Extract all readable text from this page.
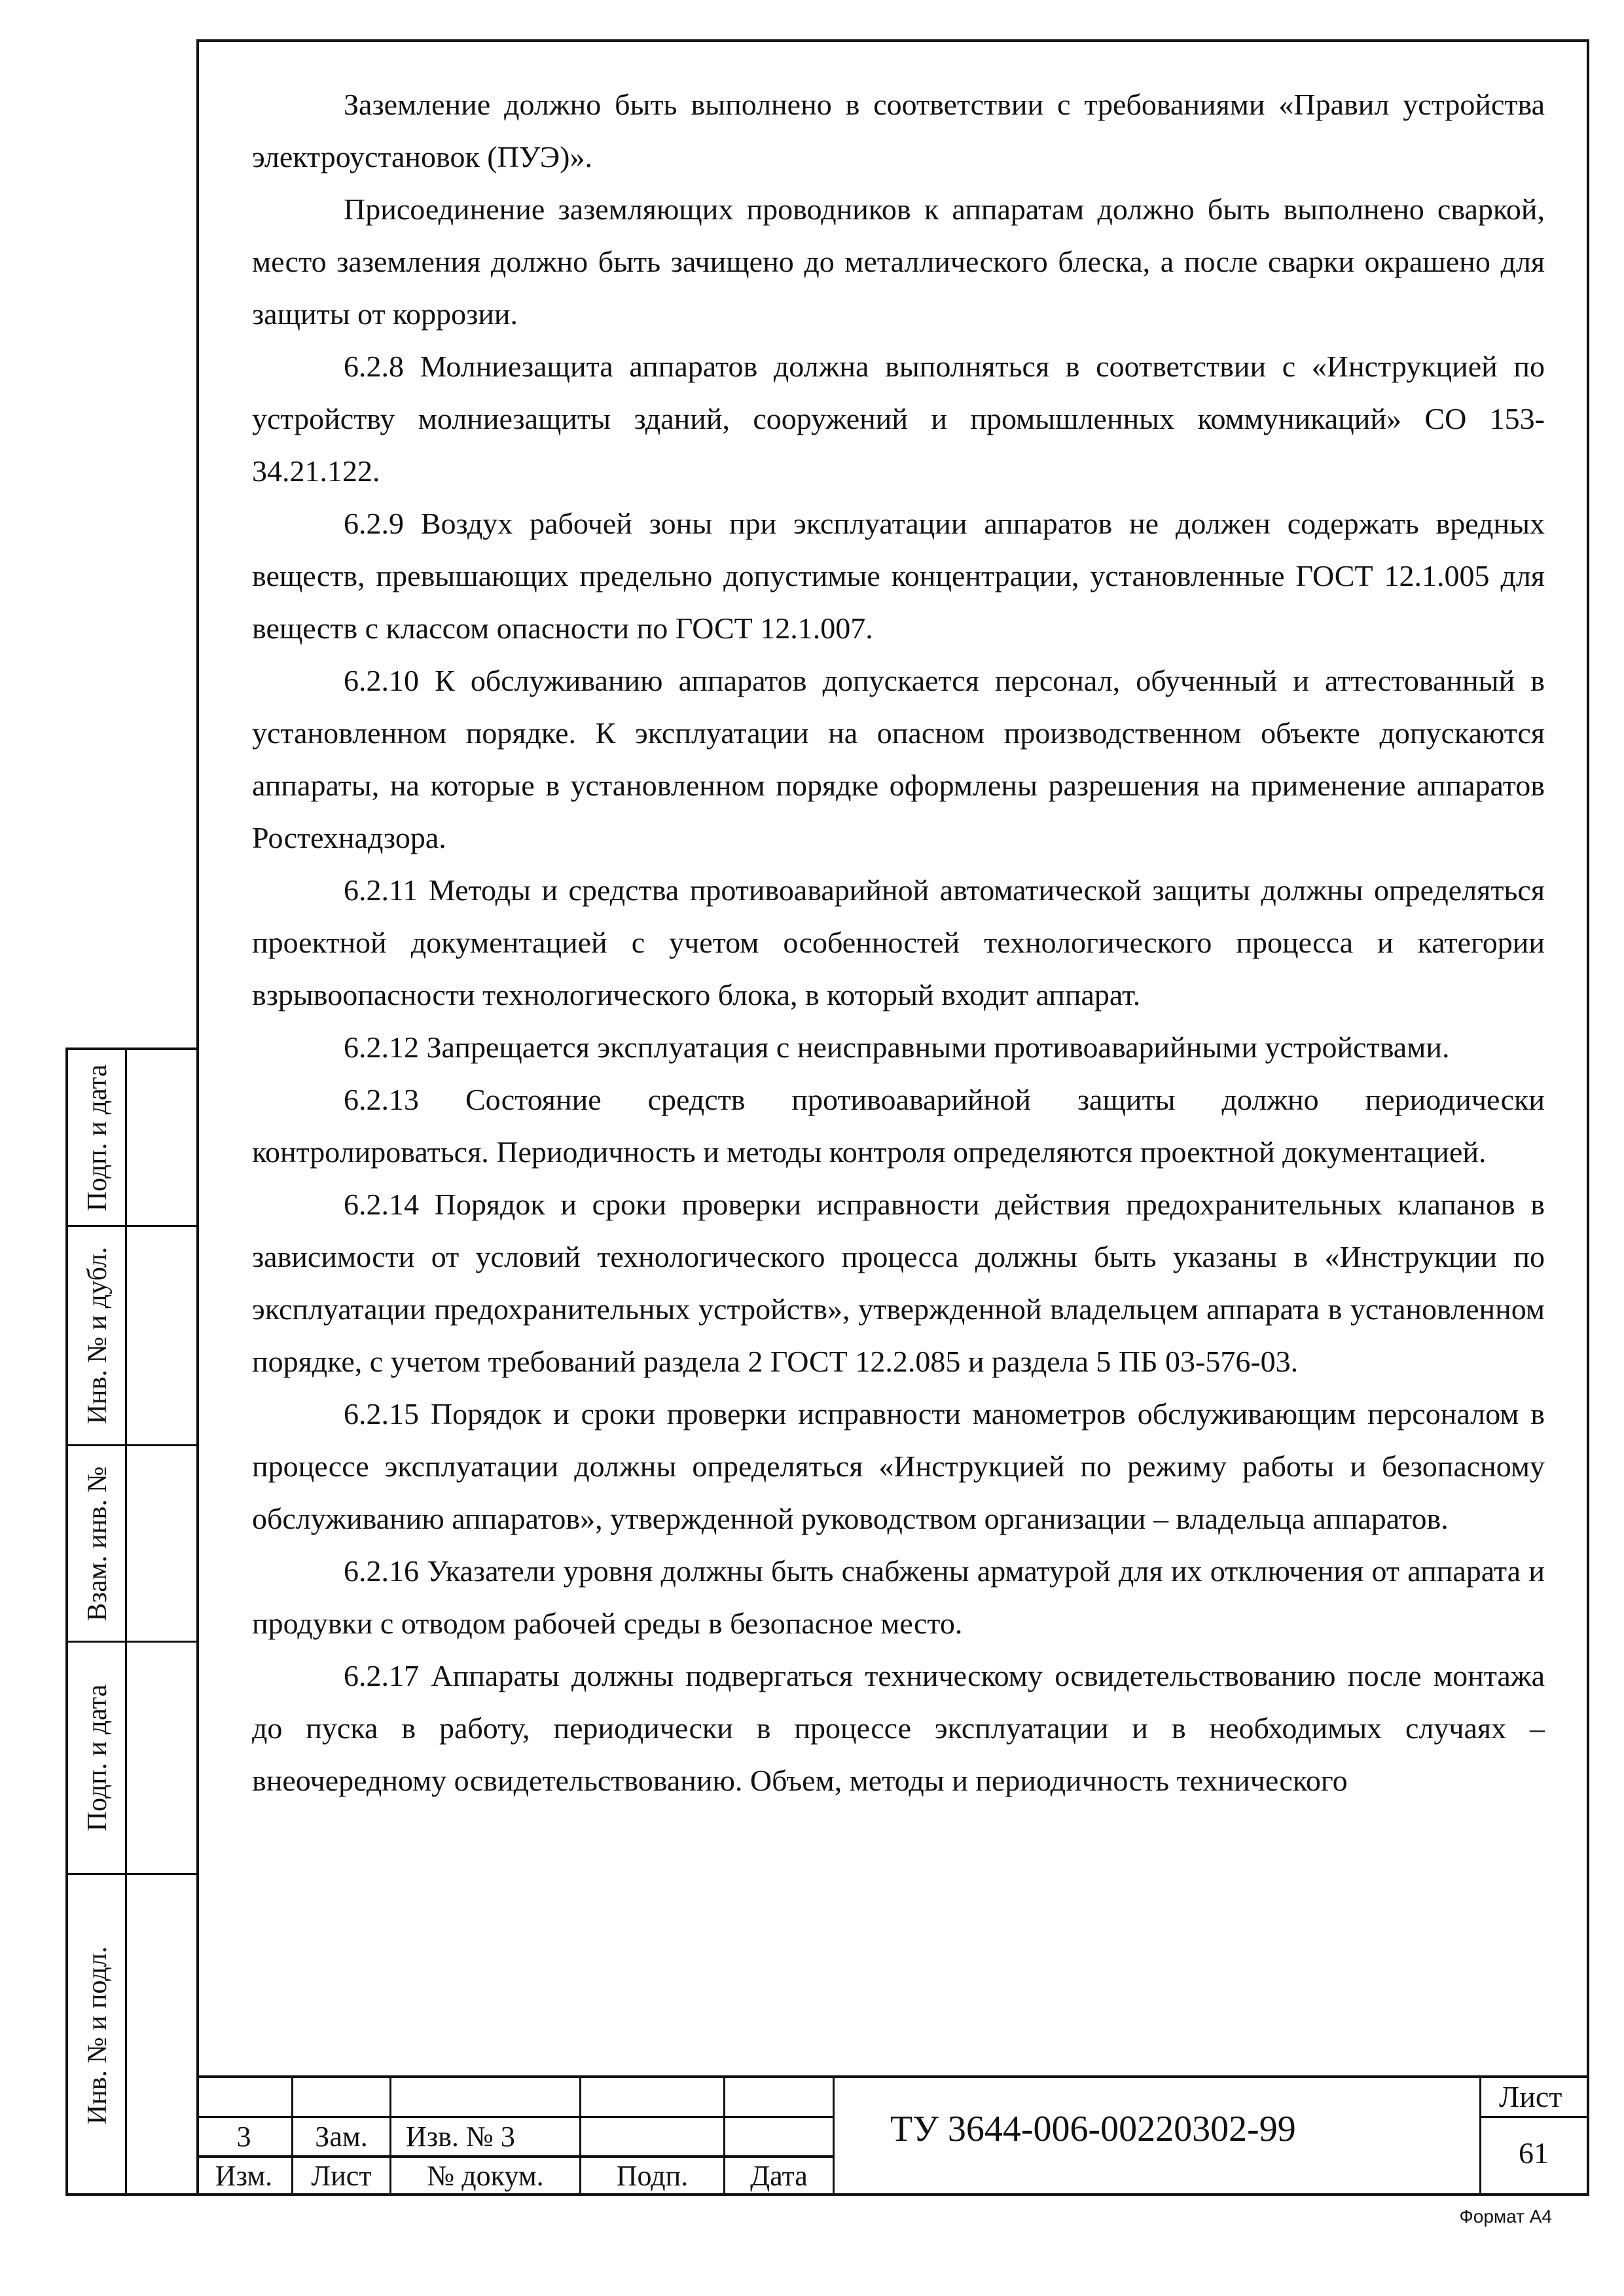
Подп. и дата
Инв. № и дубл.
Взам. инв. №
Подп. и дата
Инв. № и подл.

Заземление должно быть выполнено в соответствии с требованиями «Правил устройства электроустановок (ПУЭ)».

Присоединение заземляющих проводников к аппаратам должно быть выполнено сваркой, место заземления должно быть зачищено до металлического блеска, а после сварки окрашено для защиты от коррозии.

6.2.8 Молниезащита аппаратов должна выполняться в соответствии с «Инструкцией по устройству молниезащиты зданий, сооружений и промышленных коммуникаций» СО 153-34.21.122.

6.2.9 Воздух рабочей зоны при эксплуатации аппаратов не должен содержать вредных веществ, превышающих предельно допустимые концентрации, установленные ГОСТ 12.1.005 для веществ с классом опасности по ГОСТ 12.1.007.

6.2.10 К обслуживанию аппаратов допускается персонал, обученный и аттестованный в установленном порядке. К эксплуатации на опасном производственном объекте допускаются аппараты, на которые в установленном порядке оформлены разрешения на применение аппаратов Ростехнадзора.

6.2.11 Методы и средства противоаварийной автоматической защиты должны определяться проектной документацией с учетом особенностей технологического процесса и категории взрывоопасности технологического блока, в который входит аппарат.

6.2.12 Запрещается эксплуатация с неисправными противоаварийными устройствами.

6.2.13 Состояние средств противоаварийной защиты должно периодически контролироваться. Периодичность и методы контроля определяются проектной документацией.

6.2.14 Порядок и сроки проверки исправности действия предохранительных клапанов в зависимости от условий технологического процесса должны быть указаны в «Инструкции по эксплуатации предохранительных устройств», утвержденной владельцем аппарата в установленном порядке, с учетом требований раздела 2 ГОСТ 12.2.085 и раздела 5 ПБ 03-576-03.

6.2.15 Порядок и сроки проверки исправности манометров обслуживающим персоналом в процессе эксплуатации должны определяться «Инструкцией по режиму работы и безопасному обслуживанию аппаратов», утвержденной руководством организации – владельца аппаратов.

6.2.16 Указатели уровня должны быть снабжены арматурой для их отключения от аппарата и продувки с отводом рабочей среды в безопасное место.

6.2.17 Аппараты должны подвергаться техническому освидетельствованию после монтажа до пуска в работу, периодически в процессе эксплуатации и в необходимых случаях – внеочередному освидетельствованию. Объем, методы и периодичность технического

3	Зам.	Изв. № 3
Изм.	Лист	№ докум.	Подп.	Дата
ТУ 3644-006-00220302-99
Лист
61
Формат А4
